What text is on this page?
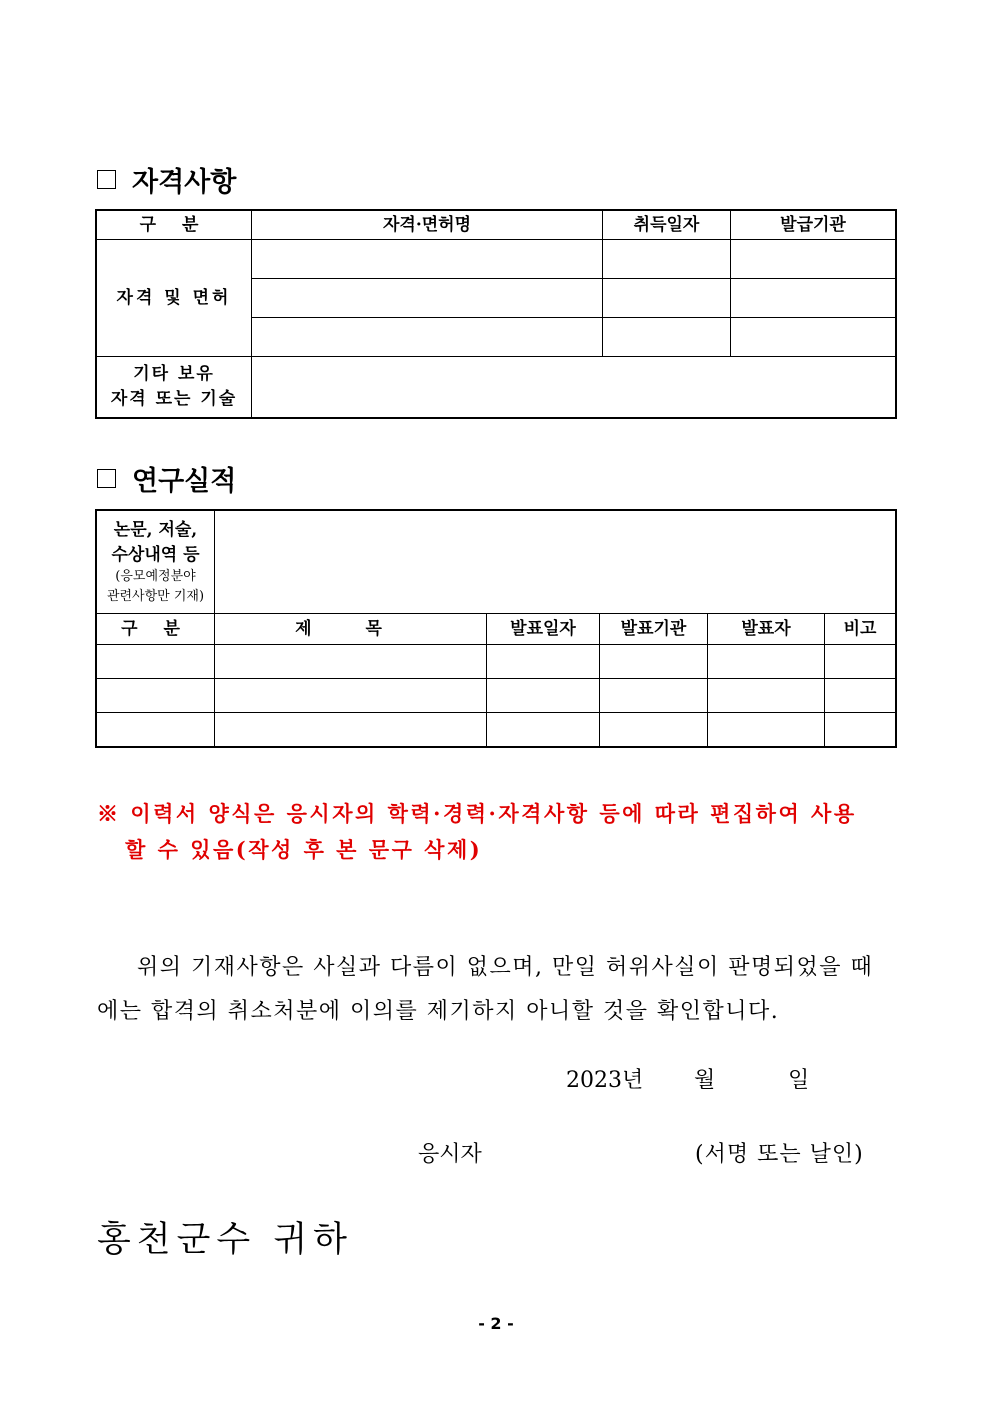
자격사항
구 분	자격·면허명	취득일자	발급기관
자격 및 면허			

기타 보유
자격 또는 기술			

연구실적
논문, 저술,
수상내역 등
(응모예정분야
관련사항만 기재)					

구 분	제 목	발표일자	발표기관	발표자	비고

※ 이력서 양식은 응시자의 학력·경력·자격사항 등에 따라 편집하여 사용
할 수 있음(작성 후 본 문구 삭제)
위의 기재사항은 사실과 다름이 없으며, 만일 허위사실이 판명되었을 때
에는 합격의 취소처분에 이의를 제기하지 아니할 것을 확인합니다.
2023년 월	일
응시자	(서명 또는 날인)
홍천군수 귀하
- 2 -
